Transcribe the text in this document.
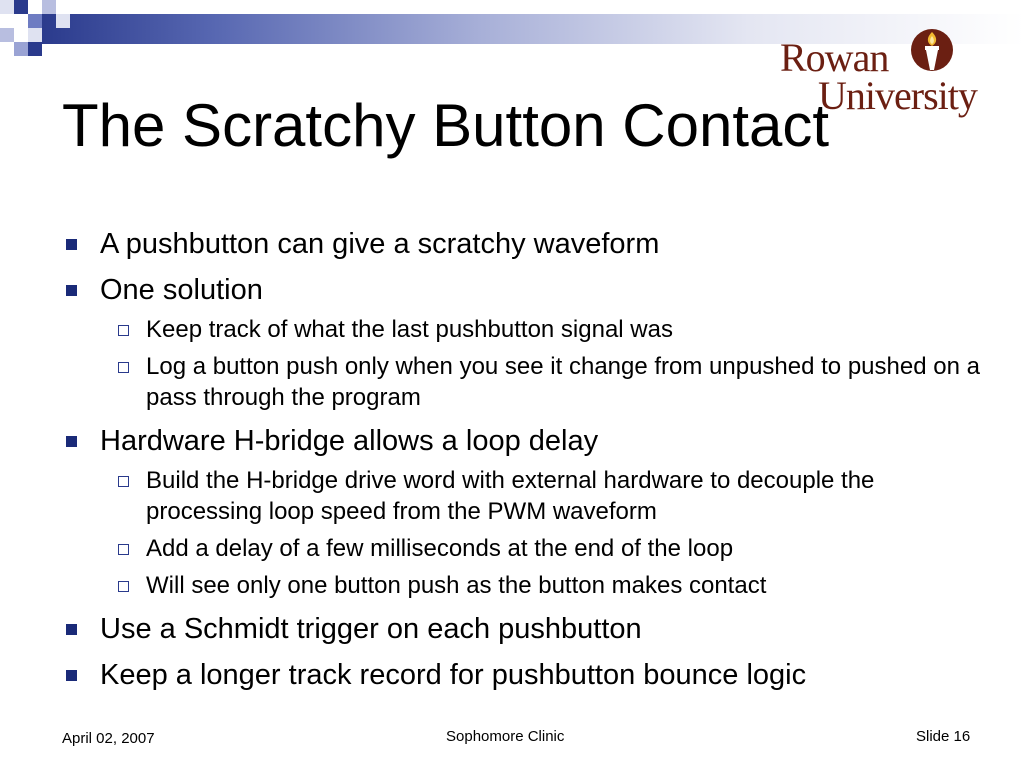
Rowan
University
The Scratchy Button Contact
A pushbutton can give a scratchy waveform
One solution
Keep track of what the last pushbutton signal was
Log a button push only when you see it change from unpushed to pushed on a pass through the program
Hardware H-bridge allows a loop delay
Build the H-bridge drive word with external hardware to decouple the processing loop speed from the PWM waveform
Add a delay of a few milliseconds at the end of the loop
Will see only one button push as the button makes contact
Use a Schmidt trigger on each pushbutton
Keep a longer track record for pushbutton bounce logic
April 02, 2007	Sophomore Clinic	Slide 16
